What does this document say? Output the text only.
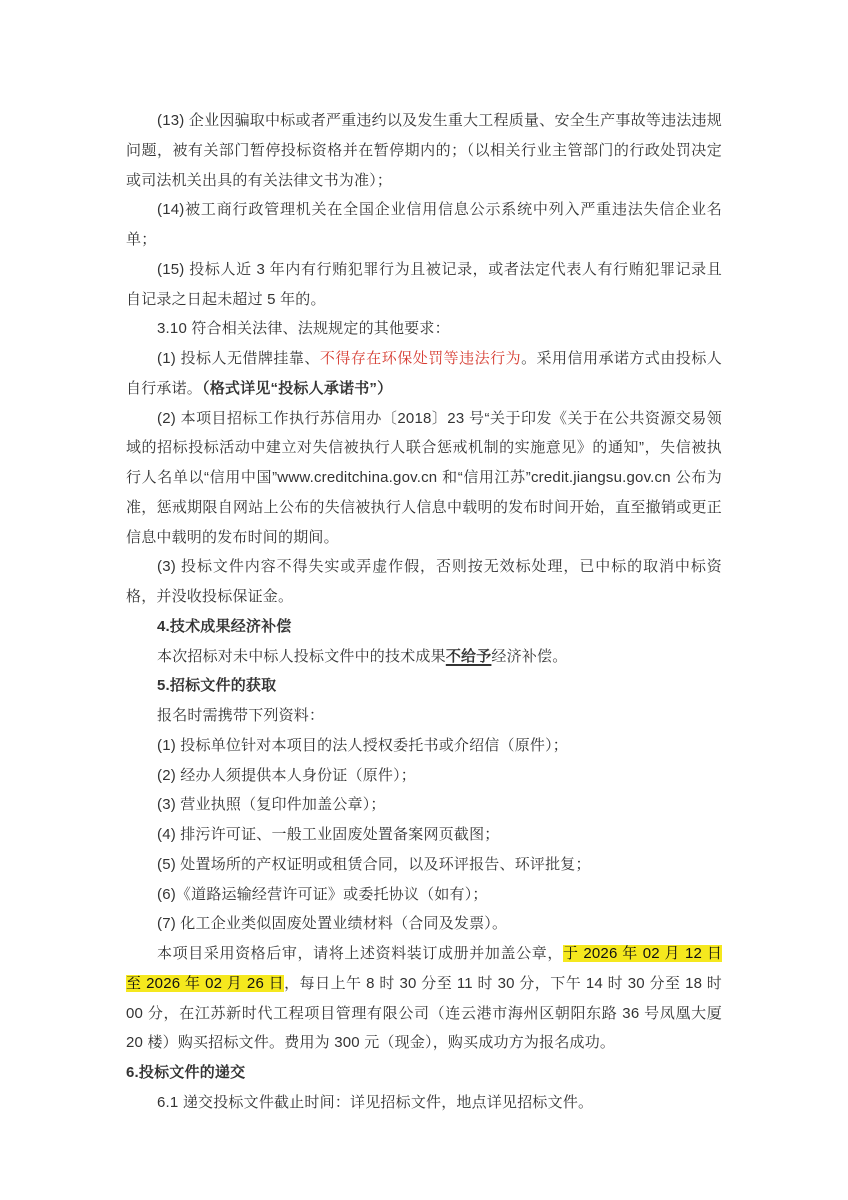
(13) 企业因骗取中标或者严重违约以及发生重大工程质量、安全生产事故等违法违规问题，被有关部门暂停投标资格并在暂停期内的；（以相关行业主管部门的行政处罚决定或司法机关出具的有关法律文书为准）；

(14)被工商行政管理机关在全国企业信用信息公示系统中列入严重违法失信企业名单；

(15) 投标人近 3 年内有行贿犯罪行为且被记录，或者法定代表人有行贿犯罪记录且自记录之日起未超过 5 年的。

3.10 符合相关法律、法规规定的其他要求：

(1) 投标人无借牌挂靠、不得存在环保处罚等违法行为。采用信用承诺方式由投标人自行承诺。（格式详见“投标人承诺书”）

(2) 本项目招标工作执行苏信用办〔2018〕23 号“关于印发《关于在公共资源交易领域的招标投标活动中建立对失信被执行人联合惩戒机制的实施意见》的通知”，失信被执行人名单以“信用中国”www.creditchina.gov.cn 和“信用江苏”credit.jiangsu.gov.cn 公布为准，惩戒期限自网站上公布的失信被执行人信息中载明的发布时间开始，直至撤销或更正信息中载明的发布时间的期间。

(3) 投标文件内容不得失实或弄虚作假，否则按无效标处理，已中标的取消中标资格，并没收投标保证金。

4.技术成果经济补偿

本次招标对未中标人投标文件中的技术成果不给予经济补偿。

5.招标文件的获取

报名时需携带下列资料：

(1) 投标单位针对本项目的法人授权委托书或介绍信（原件）；

(2) 经办人须提供本人身份证（原件）；

(3) 营业执照（复印件加盖公章）；

(4) 排污许可证、一般工业固废处置备案网页截图；

(5) 处置场所的产权证明或租赁合同，以及环评报告、环评批复；

(6)《道路运输经营许可证》或委托协议（如有）；

(7) 化工企业类似固废处置业绩材料（合同及发票）。

本项目采用资格后审，请将上述资料装订成册并加盖公章，于 2026 年 02 月 12 日至 2026 年 02 月 26 日，每日上午 8 时 30 分至 11 时 30 分，下午 14 时 30 分至 18 时 00 分，在江苏新时代工程项目管理有限公司（连云港市海州区朝阳东路 36 号凤凰大厦 20 楼）购买招标文件。费用为 300 元（现金），购买成功方为报名成功。

6.投标文件的递交

6.1 递交投标文件截止时间：详见招标文件，地点详见招标文件。
